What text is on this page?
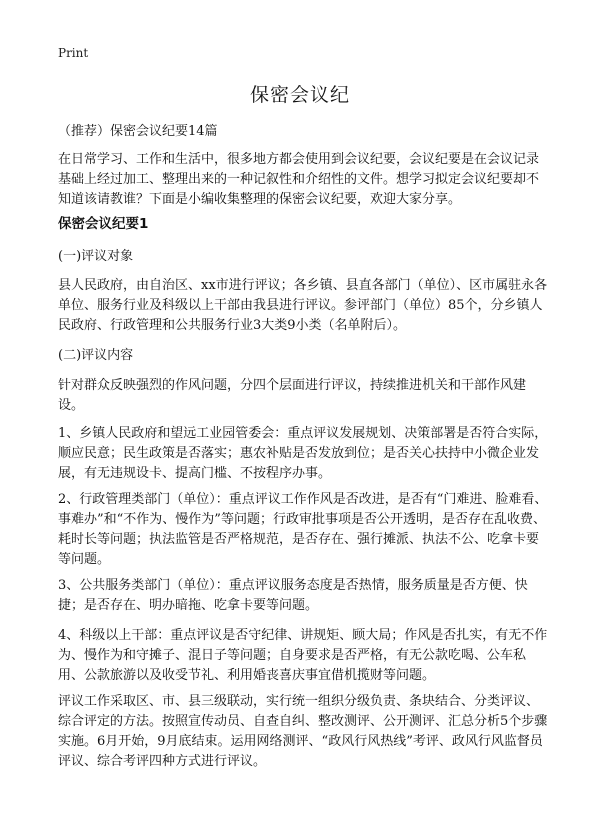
Print
保密会议纪

（推荐）保密会议纪要14篇

在日常学习、工作和生活中，很多地方都会使用到会议纪要，会议纪要是在会议记录基础上经过加工、整理出来的一种记叙性和介绍性的文件。想学习拟定会议纪要却不知道该请教谁？下面是小编收集整理的保密会议纪要，欢迎大家分享。

保密会议纪要1

(一)评议对象

县人民政府，由自治区、xx市进行评议；各乡镇、县直各部门（单位）、区市属驻永各单位、服务行业及科级以上干部由我县进行评议。参评部门（单位）85个，分乡镇人民政府、行政管理和公共服务行业3大类9小类（名单附后）。

(二)评议内容

针对群众反映强烈的作风问题，分四个层面进行评议，持续推进机关和干部作风建设。

1、乡镇人民政府和望远工业园管委会：重点评议发展规划、决策部署是否符合实际，顺应民意；民生政策是否落实；惠农补贴是否发放到位；是否关心扶持中小微企业发展，有无违规设卡、提高门槛、不按程序办事。

2、行政管理类部门（单位）：重点评议工作作风是否改进，是否有“门难进、脸难看、事难办”和“不作为、慢作为”等问题；行政审批事项是否公开透明，是否存在乱收费、耗时长等问题；执法监管是否严格规范，是否存在、强行摊派、执法不公、吃拿卡要等问题。

3、公共服务类部门（单位）：重点评议服务态度是否热情，服务质量是否方便、快捷；是否存在、明办暗拖、吃拿卡要等问题。

4、科级以上干部：重点评议是否守纪律、讲规矩、顾大局；作风是否扎实，有无不作为、慢作为和守摊子、混日子等问题；自身要求是否严格，有无公款吃喝、公车私用、公款旅游以及收受节礼、利用婚丧喜庆事宜借机揽财等问题。

评议工作采取区、市、县三级联动，实行统一组织分级负责、条块结合、分类评议、综合评定的方法。按照宣传动员、自查自纠、整改测评、公开测评、汇总分析5个步骤实施。6月开始，9月底结束。运用网络测评、“政风行风热线”考评、政风行风监督员评议、综合考评四种方式进行评议。
